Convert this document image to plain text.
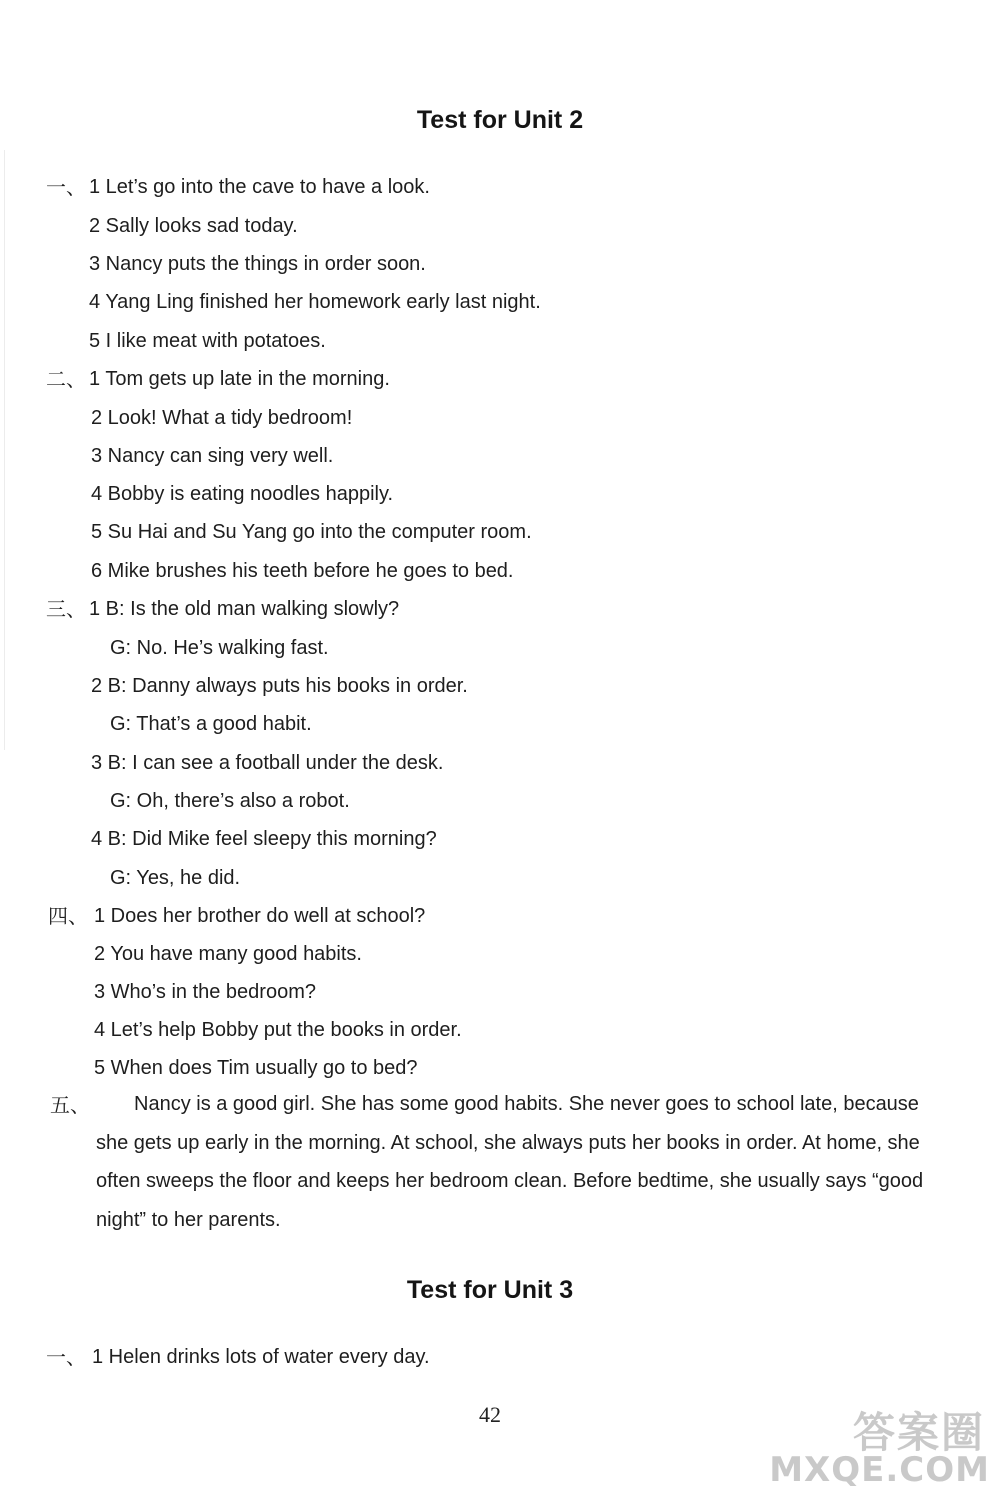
Test for Unit 2
一、 1 Let’s go into the cave to have a look.
2 Sally looks sad today.
3 Nancy puts the things in order soon.
4 Yang Ling finished her homework early last night.
5 I like meat with potatoes.
二、 1 Tom gets up late in the morning.
2 Look! What a tidy bedroom!
3 Nancy can sing very well.
4 Bobby is eating noodles happily.
5 Su Hai and Su Yang go into the computer room.
6 Mike brushes his teeth before he goes to bed.
三、 1 B: Is the old man walking slowly?
G: No. He’s walking fast.
2 B: Danny always puts his books in order.
G: That’s a good habit.
3 B: I can see a football under the desk.
G: Oh, there’s also a robot.
4 B: Did Mike feel sleepy this morning?
G: Yes, he did.
四、 1 Does her brother do well at school?
2 You have many good habits.
3 Who’s in the bedroom?
4 Let’s help Bobby put the books in order.
5 When does Tim usually go to bed?
五、	Nancy is a good girl. She has some good habits. She never goes to school late, because she gets up early in the morning. At school, she always puts her books in order. At home, she often sweeps the floor and keeps her bedroom clean. Before bedtime, she usually says “good night” to her parents.
Test for Unit 3
一、 1 Helen drinks lots of water every day.
42	答案圈
MXQE.COM
